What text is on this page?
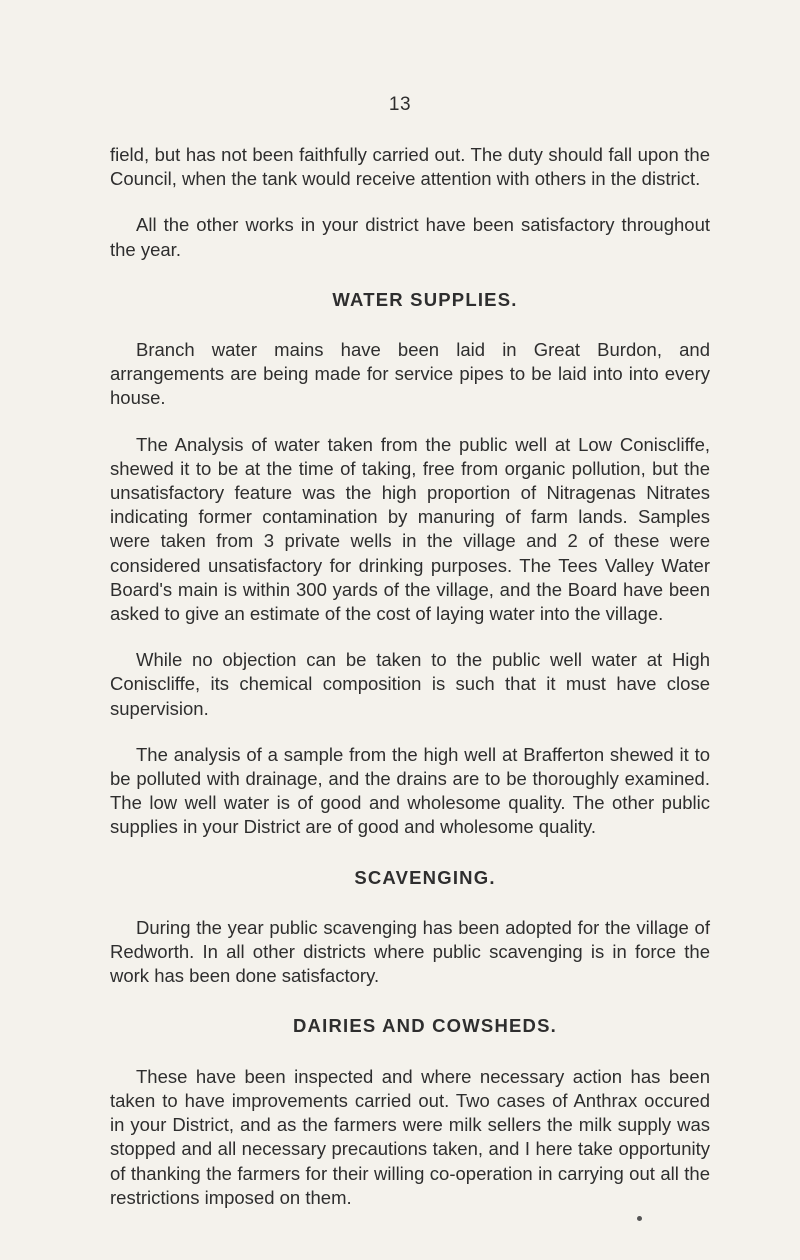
13

field, but has not been faithfully carried out. The duty should fall upon the Council, when the tank would receive attention with others in the district.

All the other works in your district have been satisfactory throughout the year.

WATER SUPPLIES.

Branch water mains have been laid in Great Burdon, and arrangements are being made for service pipes to be laid into into every house.

The Analysis of water taken from the public well at Low Coniscliffe, shewed it to be at the time of taking, free from organic pollution, but the unsatisfactory feature was the high proportion of Nitragenas Nitrates indicating former contamination by manuring of farm lands. Samples were taken from 3 private wells in the village and 2 of these were considered unsatisfactory for drinking purposes. The Tees Valley Water Board's main is within 300 yards of the village, and the Board have been asked to give an estimate of the cost of laying water into the village.

While no objection can be taken to the public well water at High Coniscliffe, its chemical composition is such that it must have close supervision.

The analysis of a sample from the high well at Brafferton shewed it to be polluted with drainage, and the drains are to be thoroughly examined. The low well water is of good and wholesome quality. The other public supplies in your District are of good and wholesome quality.

SCAVENGING.

During the year public scavenging has been adopted for the village of Redworth. In all other districts where public scavenging is in force the work has been done satisfactory.

DAIRIES AND COWSHEDS.

These have been inspected and where necessary action has been taken to have improvements carried out. Two cases of Anthrax occured in your District, and as the farmers were milk sellers the milk supply was stopped and all necessary precautions taken, and I here take opportunity of thanking the farmers for their willing co-operation in carrying out all the restrictions imposed on them.
